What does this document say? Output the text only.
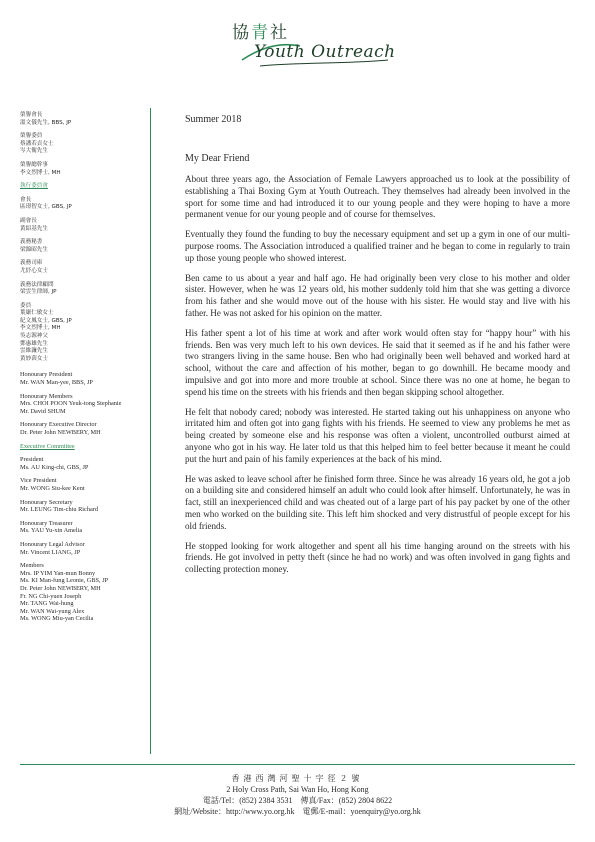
協青社
Youth Outreach
榮譽會長
溫文儀先生, BBS, JP
榮譽委員
蔡潘若貞女士
岑大衛先生
榮譽總幹事
李文烈博士, MH
執行委員會
會長
區璟智女士, GBS, JP
副會長
黃紹基先生
義務秘書
梁錦昭先生
義務司庫
尤紓心女士
義務法律顧問
梁雲生律師, JP
委員
葉嚴仁敏女士
紀文鳳女士, GBS, JP
李文烈博士, MH
吳志源神父
鄧惠雄先生
雲維濂先生
黃妙茵女士
Honourary President
Mr. WAN Man-yee, BBS, JP
Honourary Members
Mrs. CHOI POON Yeuk-tong Stephanie
Mr. David SHUM
Honourary Executive Director
Dr. Peter John NEWBERY, MH
Executive Committee
President
Ms. AU King-chi, GBS, JP
Vice President
Mr. WONG Siu-kee Kent
Honourary Secretary
Mr. LEUNG Tim-chiu Richard
Honourary Treasurer
Ms. YAU Yu-xin Amelia
Honourary Legal Advisor
Mr. Vincent LIANG, JP
Members
Mrs. IP YIM Yan-mun Bonny
Ms. KI Man-fung Leonie, GBS, JP
Dr. Peter John NEWBERY, MH
Fr. NG Chi-yuen Joseph
Mr. TANG Wai-hung
Mr. WAN Wai-yung Alex
Ms. WONG Miu-yan Cecilia
Summer 2018
My Dear Friend

About three years ago, the Association of Female Lawyers approached us to look at the possibility of establishing a Thai Boxing Gym at Youth Outreach. They themselves had already been involved in the sport for some time and had introduced it to our young people and they were hoping to have a more permanent venue for our young people and of course for themselves.

Eventually they found the funding to buy the necessary equipment and set up a gym in one of our multi-purpose rooms. The Association introduced a qualified trainer and he began to come in regularly to train up those young people who showed interest.

Ben came to us about a year and half ago. He had originally been very close to his mother and older sister. However, when he was 12 years old, his mother suddenly told him that she was getting a divorce from his father and she would move out of the house with his sister. He would stay and live with his father. He was not asked for his opinion on the matter.

His father spent a lot of his time at work and after work would often stay for “happy hour” with his friends. Ben was very much left to his own devices. He said that it seemed as if he and his father were two strangers living in the same house. Ben who had originally been well behaved and worked hard at school, without the care and affection of his mother, began to go downhill. He became moody and impulsive and got into more and more trouble at school. Since there was no one at home, he began to spend his time on the streets with his friends and then began skipping school altogether.

He felt that nobody cared; nobody was interested. He started taking out his unhappiness on anyone who irritated him and often got into gang fights with his friends. He seemed to view any problems he met as being created by someone else and his response was often a violent, uncontrolled outburst aimed at anyone who got in his way. He later told us that this helped him to feel better because it meant he could put the hurt and pain of his family experiences at the back of his mind.

He was asked to leave school after he finished form three. Since he was already 16 years old, he got a job on a building site and considered himself an adult who could look after himself. Unfortunately, he was in fact, still an inexperienced child and was cheated out of a large part of his pay packet by one of the other men who worked on the building site. This left him shocked and very distrustful of people except for his old friends.

He stopped looking for work altogether and spent all his time hanging around on the streets with his friends. He got involved in petty theft (since he had no work) and was often involved in gang fights and collecting protection money.

香港西灣河聖十字徑２號
2 Holy Cross Path, Sai Wan Ho, Hong Kong
電話/Tel：(852) 2384 3531　傳真/Fax：(852) 2804 8622
網址/Website：http://www.yo.org.hk　電郵/E-mail：yoenquiry@yo.org.hk
